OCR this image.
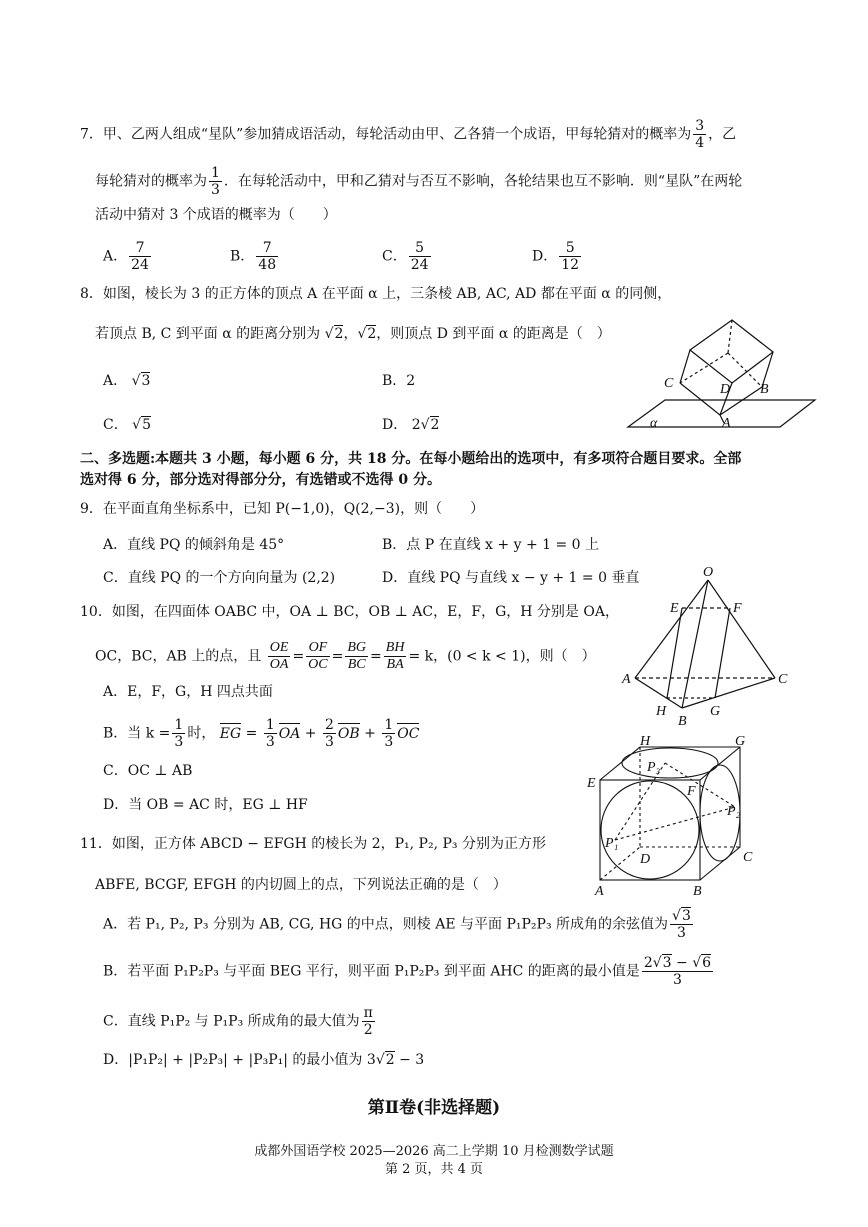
7．甲、乙两人组成“星队”参加猜成语活动，每轮活动由甲、乙各猜一个成语，甲每轮猜对的概率为 $\frac{3}{4}$ ，乙
每轮猜对的概率为 $\frac{1}{3}$ ．在每轮活动中，甲和乙猜对与否互不影响，各轮结果也互不影响．则“星队”在两轮
活动中猜对 3 个成语的概率为（　　）
A． $\frac{7}{24}$	B． $\frac{7}{48}$	C． $\frac{5}{24}$	D． $\frac{5}{12}$
8．如图，棱长为 3 的正方体的顶点 A 在平面 α 上，三条棱 AB, AC, AD 都在平面 α 的同侧，
若顶点 B, C 到平面 α 的距离分别为 √2，√2，则顶点 D 到平面 α 的距离是（　）
A． √3	B．2
C． √5	D． 2√2
C	D B
A
α
二、多选题:本题共 3 小题，每小题 6 分，共 18 分。在每小题给出的选项中，有多项符合题目要求。全部
选对得 6 分，部分选对得部分分，有选错或不选得 0 分。
9．在平面直角坐标系中，已知 P(−1,0)，Q(2,−3)，则（　　）
A．直线 PQ 的倾斜角是 45°	B．点 P 在直线 x + y + 1 = 0 上
C．直线 PQ 的一个方向向量为 (2,2)	D．直线 PQ 与直线 x − y + 1 = 0 垂直
10．如图，在四面体 OABC 中，OA ⊥ BC，OB ⊥ AC，E，F，G，H 分别是 OA，
OC，BC，AB 上的点，且 $\frac{OE}{OA} = \frac{OF}{OC} = \frac{BG}{BC} = \frac{BH}{BA} = k$，(0 < k < 1)，则（　）
A．E，F，G，H 四点共面
B．当 $k = \frac{1}{3}$ 时， EG = $\frac{1}{3}$ OA + $\frac{2}{3}$ OB + $\frac{1}{3}$ OC
C．OC ⊥ AB
D．当 OB = AC 时，EG ⊥ HF
O
E	F
A	C
H
B
G
11．如图，正方体 ABCD − EFGH 的棱长为 2，P₁, P₂, P₃ 分别为正方形
ABFE, BCGF, EFGH 的内切圆上的点，下列说法正确的是（　）
A．若 P₁, P₂, P₃ 分别为 AB, CG, HG 的中点，则棱 AE 与平面 P₁P₂P₃ 所成角的余弦值为 $\frac{√3}{3}$
B．若平面 P₁P₂P₃ 与平面 BEG 平行，则平面 P₁P₂P₃ 到平面 AHC 的距离的最小值是 $\frac{2√3 - √6}{3}$
C．直线 P₁P₂ 与 P₁P₃ 所成角的最大值为 $\frac{\pi}{2}$
D．|P₁P₂| + |P₂P₃| + |P₃P₁| 的最小值为 3√2 − 3
H	G
E
F
P₃
P₂
P₁
D	C
A	B
第Ⅱ卷(非选择题)
成都外国语学校 2025—2026 高二上学期 10 月检测数学试题
第 2 页，共 4 页
